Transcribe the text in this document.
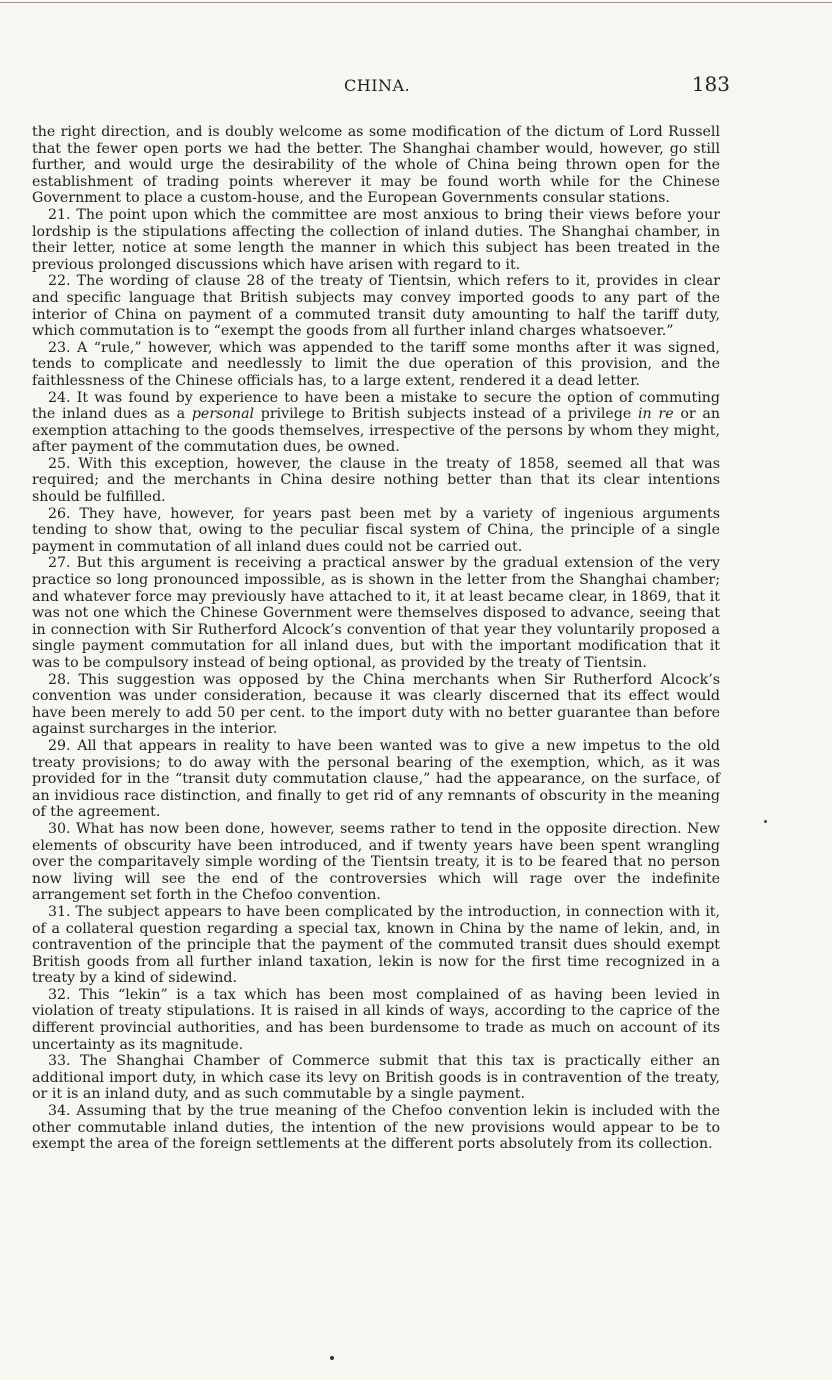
CHINA.	183

the right direction, and is doubly welcome as some modification of the dictum of Lord Russell that the fewer open ports we had the better. The Shanghai chamber would, however, go still further, and would urge the desirability of the whole of China being thrown open for the establishment of trading points wherever it may be found worth while for the Chinese Government to place a custom-house, and the European Governments consular stations.

21. The point upon which the committee are most anxious to bring their views before your lordship is the stipulations affecting the collection of inland duties. The Shanghai chamber, in their letter, notice at some length the manner in which this subject has been treated in the previous prolonged discussions which have arisen with regard to it.

22. The wording of clause 28 of the treaty of Tientsin, which refers to it, provides in clear and specific language that British subjects may convey imported goods to any part of the interior of China on payment of a commuted transit duty amounting to half the tariff duty, which commutation is to “exempt the goods from all further inland charges whatsoever.”

23. A “rule,” however, which was appended to the tariff some months after it was signed, tends to complicate and needlessly to limit the due operation of this provision, and the faithlessness of the Chinese officials has, to a large extent, rendered it a dead letter.

24. It was found by experience to have been a mistake to secure the option of commuting the inland dues as a personal privilege to British subjects instead of a privilege in re or an exemption attaching to the goods themselves, irrespective of the persons by whom they might, after payment of the commutation dues, be owned.

25. With this exception, however, the clause in the treaty of 1858, seemed all that was required; and the merchants in China desire nothing better than that its clear intentions should be fulfilled.

26. They have, however, for years past been met by a variety of ingenious arguments tending to show that, owing to the peculiar fiscal system of China, the principle of a single payment in commutation of all inland dues could not be carried out.

27. But this argument is receiving a practical answer by the gradual extension of the very practice so long pronounced impossible, as is shown in the letter from the Shanghai chamber; and whatever force may previously have attached to it, it at least became clear, in 1869, that it was not one which the Chinese Government were themselves disposed to advance, seeing that in connection with Sir Rutherford Alcock’s convention of that year they voluntarily proposed a single payment commutation for all inland dues, but with the important modification that it was to be compulsory instead of being optional, as provided by the treaty of Tientsin.

28. This suggestion was opposed by the China merchants when Sir Rutherford Alcock’s convention was under consideration, because it was clearly discerned that its effect would have been merely to add 50 per cent. to the import duty with no better guarantee than before against surcharges in the interior.

29. All that appears in reality to have been wanted was to give a new impetus to the old treaty provisions; to do away with the personal bearing of the exemption, which, as it was provided for in the “transit duty commutation clause,” had the appearance, on the surface, of an invidious race distinction, and finally to get rid of any remnants of obscurity in the meaning of the agreement.

30. What has now been done, however, seems rather to tend in the opposite direction. New elements of obscurity have been introduced, and if twenty years have been spent wrangling over the comparitavely simple wording of the Tientsin treaty, it is to be feared that no person now living will see the end of the controversies which will rage over the indefinite arrangement set forth in the Chefoo convention.

31. The subject appears to have been complicated by the introduction, in connection with it, of a collateral question regarding a special tax, known in China by the name of lekin, and, in contravention of the principle that the payment of the commuted transit dues should exempt British goods from all further inland taxation, lekin is now for the first time recognized in a treaty by a kind of sidewind.

32. This “lekin” is a tax which has been most complained of as having been levied in violation of treaty stipulations. It is raised in all kinds of ways, according to the caprice of the different provincial authorities, and has been burdensome to trade as much on account of its uncertainty as its magnitude.

33. The Shanghai Chamber of Commerce submit that this tax is practically either an additional import duty, in which case its levy on British goods is in contravention of the treaty, or it is an inland duty, and as such commutable by a single payment.

34. Assuming that by the true meaning of the Chefoo convention lekin is included with the other commutable inland duties, the intention of the new provisions would appear to be to exempt the area of the foreign settlements at the different ports absolutely from its collection.
